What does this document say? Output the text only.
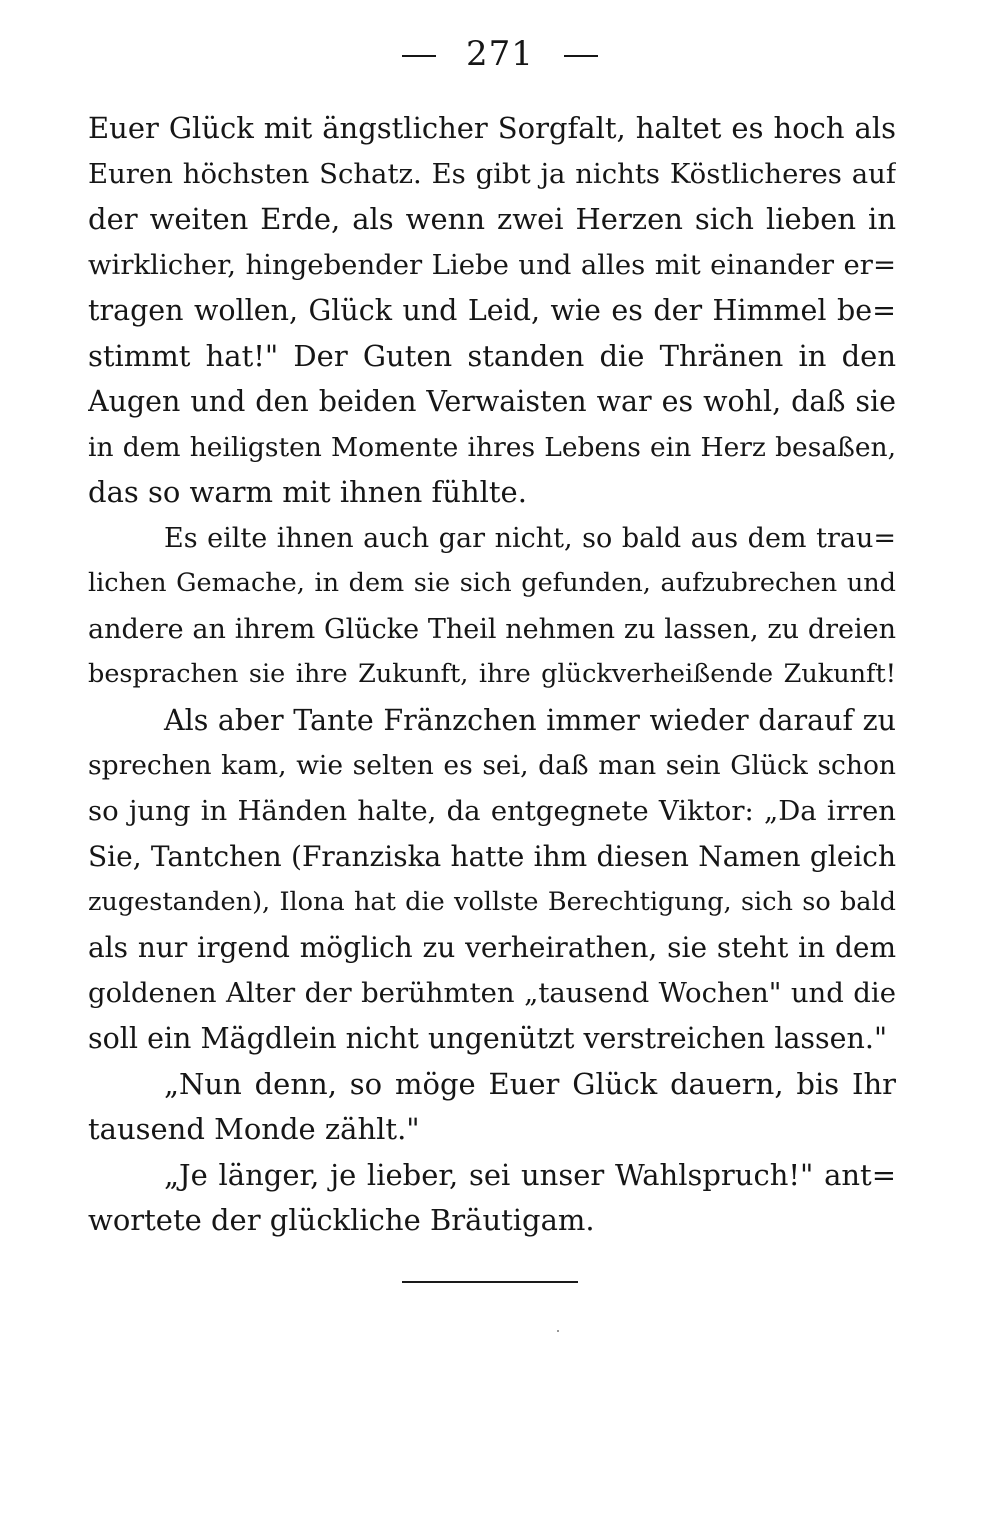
271
Euer Glück mit ängstlicher Sorgfalt, haltet es hoch als
Euren höchsten Schatz. Es gibt ja nichts Köstlicheres auf
der weiten Erde, als wenn zwei Herzen sich lieben in
wirklicher, hingebender Liebe und alles mit einander er=
tragen wollen, Glück und Leid, wie es der Himmel be=
stimmt hat!" Der Guten standen die Thränen in den
Augen und den beiden Verwaisten war es wohl, daß sie
in dem heiligsten Momente ihres Lebens ein Herz besaßen,
das so warm mit ihnen fühlte.
Es eilte ihnen auch gar nicht, so bald aus dem trau=
lichen Gemache, in dem sie sich gefunden, aufzubrechen und
andere an ihrem Glücke Theil nehmen zu lassen, zu dreien
besprachen sie ihre Zukunft, ihre glückverheißende Zukunft!
Als aber Tante Fränzchen immer wieder darauf zu
sprechen kam, wie selten es sei, daß man sein Glück schon
so jung in Händen halte, da entgegnete Viktor: „Da irren
Sie, Tantchen (Franziska hatte ihm diesen Namen gleich
zugestanden), Ilona hat die vollste Berechtigung, sich so bald
als nur irgend möglich zu verheirathen, sie steht in dem
goldenen Alter der berühmten „tausend Wochen" und die
soll ein Mägdlein nicht ungenützt verstreichen lassen."
„Nun denn, so möge Euer Glück dauern, bis Ihr
tausend Monde zählt."
„Je länger, je lieber, sei unser Wahlspruch!" ant=
wortete der glückliche Bräutigam.
